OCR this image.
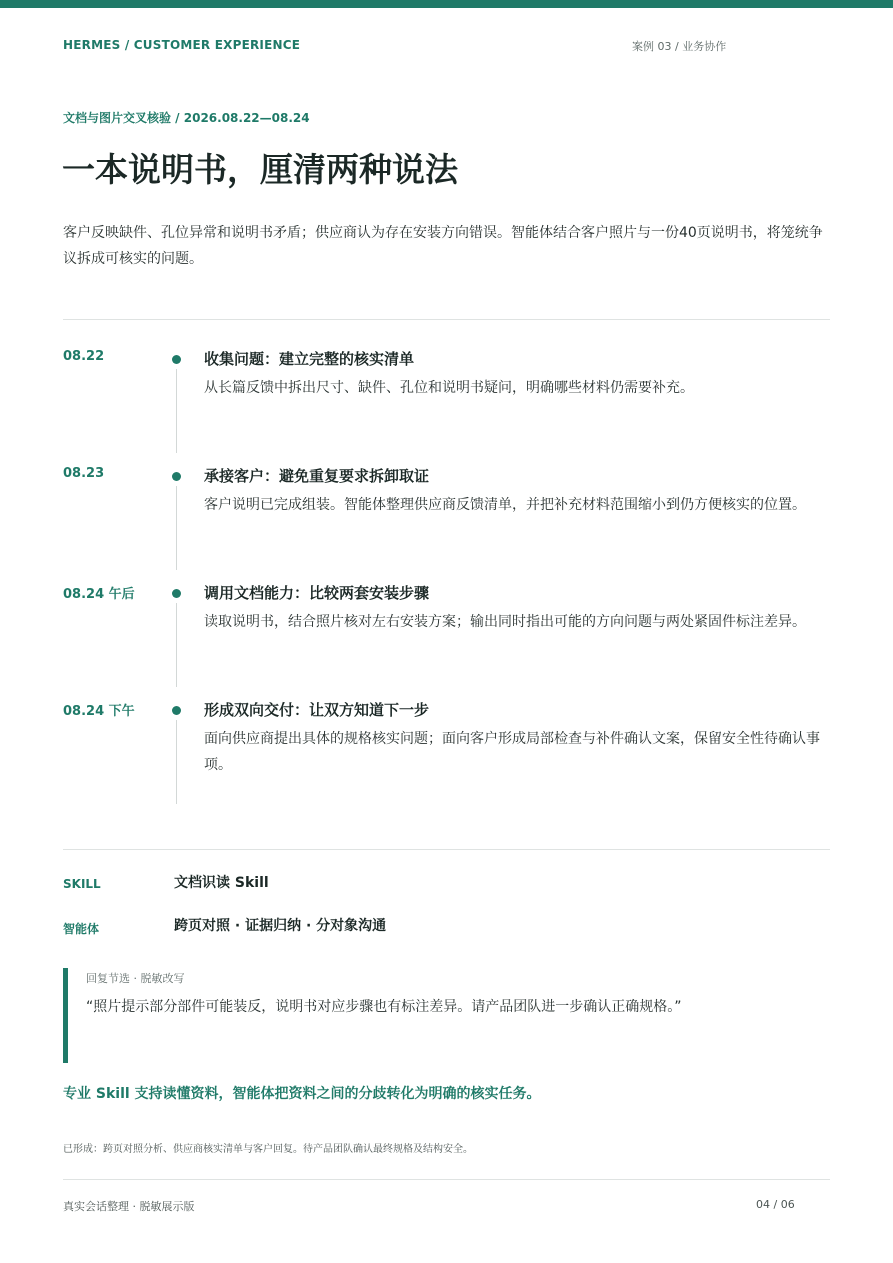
HERMES / CUSTOMER EXPERIENCE	案例 03 / 业务协作
文档与图片交叉核验 / 2026.08.22—08.24
一本说明书，厘清两种说法

客户反映缺件、孔位异常和说明书矛盾；供应商认为存在安装方向错误。智能体结合客户照片与一份40页说明书，将笼统争议拆成可核实的问题。

08.22	收集问题：建立完整的核实清单

从长篇反馈中拆出尺寸、缺件、孔位和说明书疑问，明确哪些材料仍需要补充。

08.23	承接客户：避免重复要求拆卸取证

客户说明已完成组装。智能体整理供应商反馈清单，并把补充材料范围缩小到仍方便核实的位置。

08.24 午后	调用文档能力：比较两套安装步骤

读取说明书，结合照片核对左右安装方案；输出同时指出可能的方向问题与两处紧固件标注差异。

08.24 下午	形成双向交付：让双方知道下一步

面向供应商提出具体的规格核实问题；面向客户形成局部检查与补件确认文案，保留安全性待确认事项。

SKILL	文档识读 Skill
智能体	跨页对照 · 证据归纳 · 分对象沟通
回复节选 · 脱敏改写

“照片提示部分部件可能装反，说明书对应步骤也有标注差异。请产品团队进一步确认正确规格。”

专业 Skill 支持读懂资料，智能体把资料之间的分歧转化为明确的核实任务。
已形成：跨页对照分析、供应商核实清单与客户回复。待产品团队确认最终规格及结构安全。
真实会话整理 · 脱敏展示版	04 / 06
